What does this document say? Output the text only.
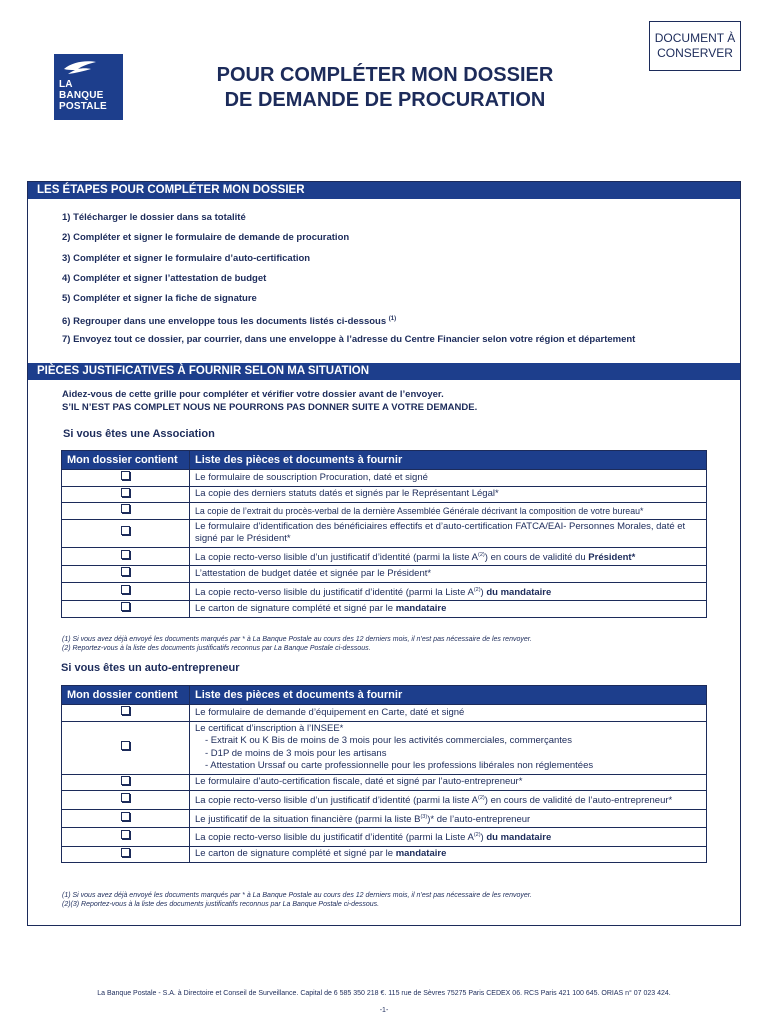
LA
BANQUE
POSTALE
POUR COMPLÉTER MON DOSSIER
DE DEMANDE DE PROCURATION
DOCUMENT À
CONSERVER
LES ÉTAPES POUR COMPLÉTER MON DOSSIER
1) Télécharger le dossier dans sa totalité
2) Compléter et signer le formulaire de demande de procuration
3) Compléter et signer le formulaire d’auto-certification
4) Compléter et signer l’attestation de budget
5) Compléter et signer la fiche de signature
6) Regrouper dans une enveloppe tous les documents listés ci-dessous $^{(1)}$
7) Envoyez tout ce dossier, par courrier, dans une enveloppe à l’adresse du Centre Financier selon votre région et département
PIÈCES JUSTIFICATIVES À FOURNIR SELON MA SITUATION
Aidez-vous de cette grille pour compléter et vérifier votre dossier avant de l’envoyer.
S’IL N’EST PAS COMPLET NOUS NE POURRONS PAS DONNER SUITE A VOTRE DEMANDE.
Si vous êtes une Association
Mon dossier contient	Liste des pièces et documents à fournir
	Le formulaire de souscription Procuration, daté et signé
	La copie des derniers statuts datés et signés par le Représentant Légal*
	La copie de l’extrait du procès-verbal de la dernière Assemblée Générale décrivant la composition de votre bureau*
	Le formulaire d’identification des bénéficiaires effectifs et d’auto-certification FATCA/EAI- Personnes Morales, daté et signé par le Président*
	La copie recto-verso lisible d’un justificatif d’identité (parmi la liste $A^{(2)}$) en cours de validité du Président*
	L’attestation de budget datée et signée par le Président*
	La copie recto-verso lisible du justificatif d’identité (parmi la Liste $A^{(2)}$) du mandataire
	Le carton de signature complété et signé par le mandataire
(1) Si vous avez déjà envoyé les documents marqués par * à La Banque Postale au cours des 12 derniers mois, il n’est pas nécessaire de les renvoyer.
(2) Reportez-vous à la liste des documents justificatifs reconnus par La Banque Postale ci-dessous.
Si vous êtes un auto-entrepreneur
Mon dossier contient	Liste des pièces et documents à fournir
	Le formulaire de demande d’équipement en Carte, daté et signé

	Le certificat d’inscription à l’INSEE*
- Extrait K ou K Bis de moins de 3 mois pour les activités commerciales, commerçantes
- D1P de moins de 3 mois pour les artisans
- Attestation Urssaf ou carte professionnelle pour les professions libérales non réglementées

	Le formulaire d’auto-certification fiscale, daté et signé par l’auto-entrepreneur*
	La copie recto-verso lisible d’un justificatif d’identité (parmi la liste $A^{(2)}$) en cours de validité de l’auto-entrepreneur*
	Le justificatif de la situation financière (parmi la liste $B^{(3)})*$ de l’auto-entrepreneur
	La copie recto-verso lisible du justificatif d’identité (parmi la Liste $A^{(2)}$) du mandataire
	Le carton de signature complété et signé par le mandataire
(1) Si vous avez déjà envoyé les documents marqués par * à La Banque Postale au cours des 12 derniers mois, il n’est pas nécessaire de les renvoyer.
(2)(3) Reportez-vous à la liste des documents justificatifs reconnus par La Banque Postale ci-dessous.
La Banque Postale - S.A. à Directoire et Conseil de Surveillance. Capital de 6 585 350 218 €. 115 rue de Sèvres 75275 Paris CEDEX 06. RCS Paris 421 100 645. ORIAS n° 07 023 424.
-1-
